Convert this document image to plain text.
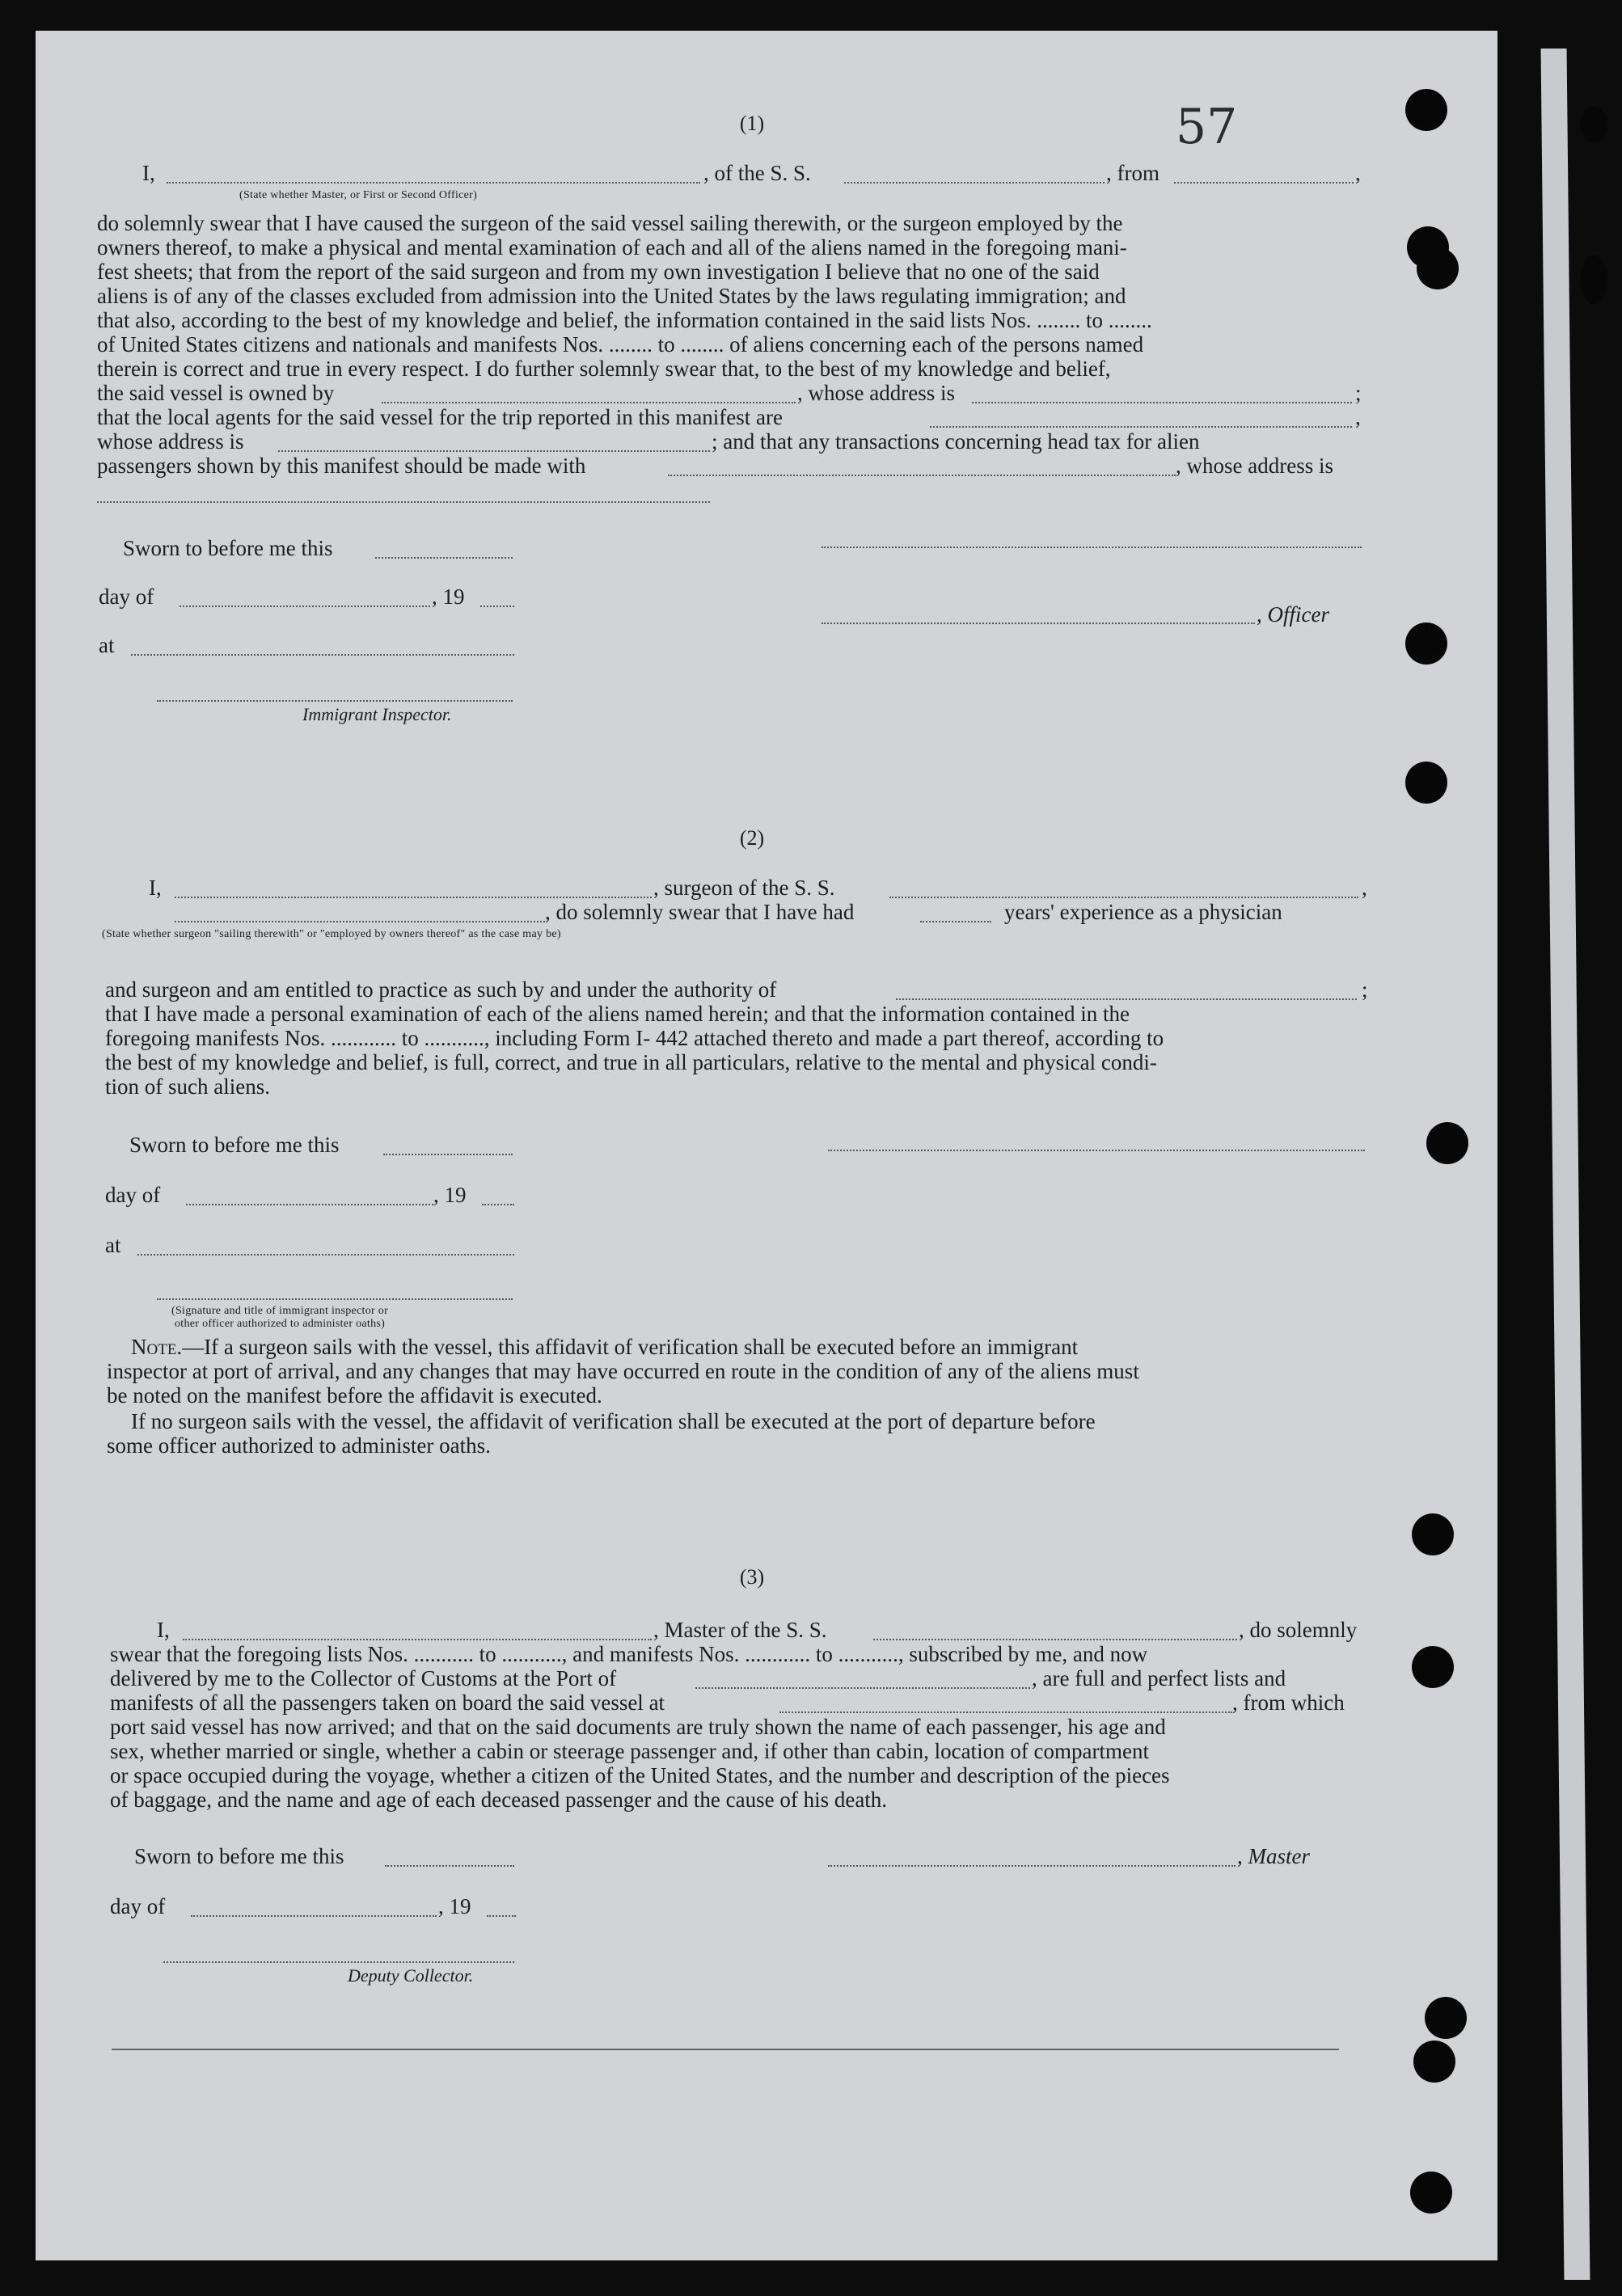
(1)	57
I,	, of the S. S.	, from	,
(State whether Master, or First or Second Officer)
do solemnly swear that I have caused the surgeon of the said vessel sailing therewith, or the surgeon employed by the
owners thereof, to make a physical and mental examination of each and all of the aliens named in the foregoing mani-
fest sheets; that from the report of the said surgeon and from my own investigation I believe that no one of the said
aliens is of any of the classes excluded from admission into the United States by the laws regulating immigration; and
that also, according to the best of my knowledge and belief, the information contained in the said lists Nos. ........ to ........
of United States citizens and nationals and manifests Nos. ........ to ........ of aliens concerning each of the persons named
therein is correct and true in every respect. I do further solemnly swear that, to the best of my knowledge and belief,
the said vessel is owned by	, whose address is	;
that the local agents for the said vessel for the trip reported in this manifest are	,
whose address is	; and that any transactions concerning head tax for alien
passengers shown by this manifest should be made with	, whose address is
Sworn to before me this
day of	, 19
, Officer
at
Immigrant Inspector.
(2)
I,	, surgeon of the S. S.	,
, do solemnly swear that I have had	years' experience as a physician
(State whether surgeon "sailing therewith" or "employed by owners thereof" as the case may be)
and surgeon and am entitled to practice as such by and under the authority of	;
that I have made a personal examination of each of the aliens named herein; and that the information contained in the
foregoing manifests Nos. ............ to ..........., including Form I- 442 attached thereto and made a part thereof, according to
the best of my knowledge and belief, is full, correct, and true in all particulars, relative to the mental and physical condi-
tion of such aliens.
Sworn to before me this
day of	, 19
at
(Signature and title of immigrant inspector or
other officer authorized to administer oaths)
Note.—If a surgeon sails with the vessel, this affidavit of verification shall be executed before an immigrant
inspector at port of arrival, and any changes that may have occurred en route in the condition of any of the aliens must
be noted on the manifest before the affidavit is executed.
If no surgeon sails with the vessel, the affidavit of verification shall be executed at the port of departure before
some officer authorized to administer oaths.
(3)
I,	, Master of the S. S.	, do solemnly
swear that the foregoing lists Nos. ........... to ..........., and manifests Nos. ............ to ..........., subscribed by me, and now
delivered by me to the Collector of Customs at the Port of	, are full and perfect lists and
manifests of all the passengers taken on board the said vessel at	, from which
port said vessel has now arrived; and that on the said documents are truly shown the name of each passenger, his age and
sex, whether married or single, whether a cabin or steerage passenger and, if other than cabin, location of compartment
or space occupied during the voyage, whether a citizen of the United States, and the number and description of the pieces
of baggage, and the name and age of each deceased passenger and the cause of his death.
Sworn to before me this	, Master
day of	, 19
Deputy Collector.
